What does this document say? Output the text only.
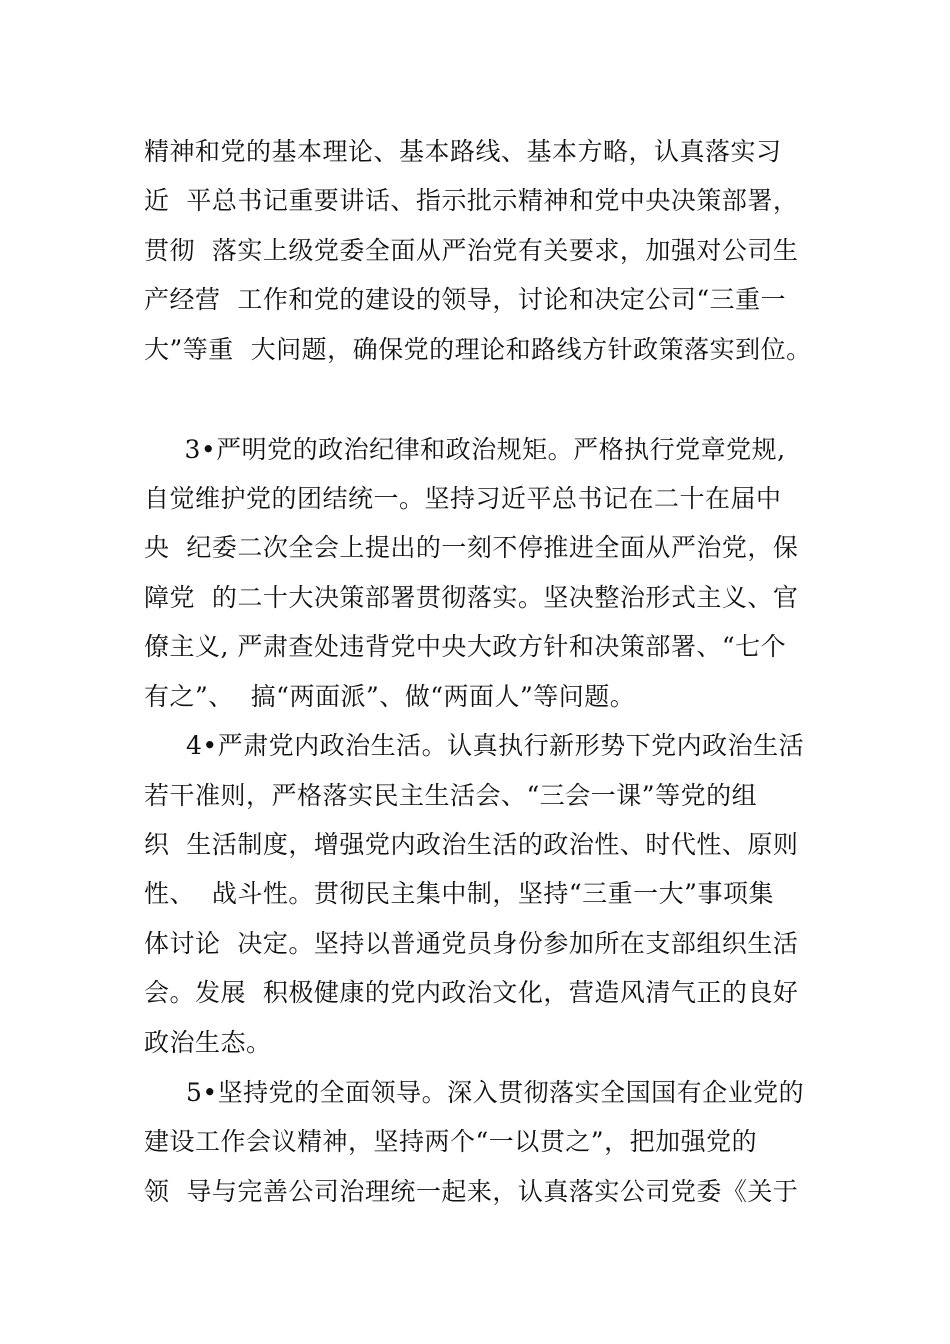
精神和党的基本理论、基本路线、基本方略，认真落实习
近  平总书记重要讲话、指示批示精神和党中央决策部署，
贯彻  落实上级党委全面从严治党有关要求，加强对公司生
产经营  工作和党的建设的领导，讨论和决定公司“三重一
大”等重  大问题，确保党的理论和路线方针政策落实到位。
3•严明党的政治纪律和政治规矩。严格执行党章党规,
自觉维护党的团结统一。坚持习近平总书记在二十在届中
央  纪委二次全会上提出的一刻不停推进全面从严治党，保
障党  的二十大决策部署贯彻落实。坚决整治形式主义、官
僚主义, 严肃查处违背党中央大政方针和决策部署、“七个
有之”、  搞“两面派”、做“两面人”等问题。
4•严肃党内政治生活。认真执行新形势下党内政治生活
若干准则，严格落实民主生活会、“三会一课”等党的组
织  生活制度，增强党内政治生活的政治性、时代性、原则
性、  战斗性。贯彻民主集中制，坚持“三重一大”事项集
体讨论  决定。坚持以普通党员身份参加所在支部组织生活
会。发展  积极健康的党内政治文化，营造风清气正的良好
政治生态。
5•坚持党的全面领导。深入贯彻落实全国国有企业党的
建设工作会议精神，坚持两个“一以贯之”，把加强党的
领  导与完善公司治理统一起来，认真落实公司党委《关于
